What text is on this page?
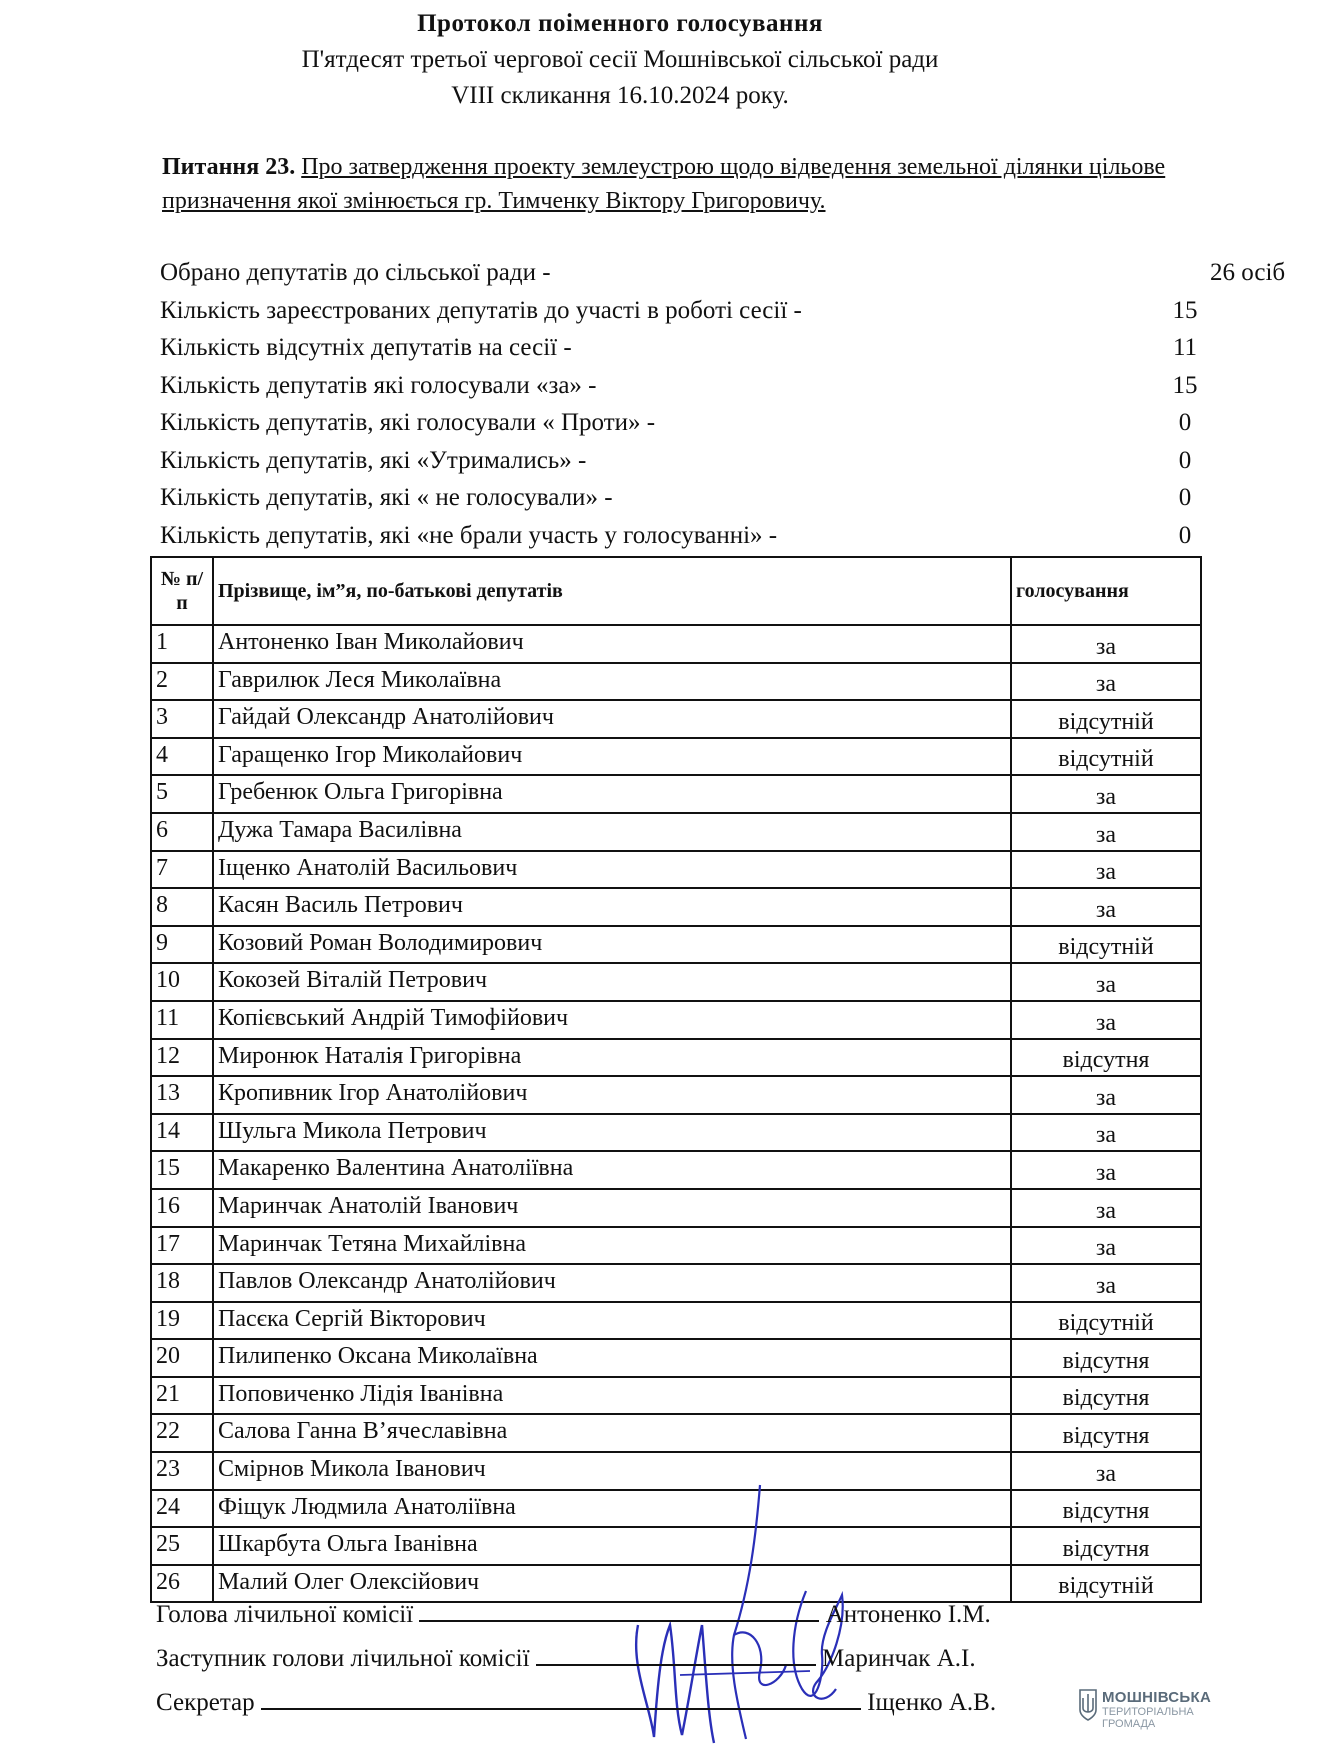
Протокол поіменного голосування
П'ятдесят третьої чергової сесії Мошнівської сільської ради
VIII скликання 16.10.2024 року.
Питання 23. Про затвердження проекту землеустрою щодо відведення земельної ділянки цільове призначення якої змінюється гр. Тимченку Віктору Григоровичу.
Обрано депутатів до сільської ради -	26 осіб
Кількість зареєстрованих депутатів до участі в роботі сесії -	15
Кількість відсутніх депутатів на сесії -	11
Кількість депутатів які голосували «за» -	15
Кількість депутатів, які голосували « Проти» -	0
Кількість депутатів, які «Утримались» -	0
Кількість депутатів, які « не голосували» -	0
Кількість депутатів, які «не брали участь у голосуванні» -	0
№ п/п	Прізвище, ім”я, по-батькові депутатів	голосування
1	Антоненко Іван Миколайович	за
2	Гаврилюк Леся Миколаївна	за
3	Гайдай Олександр Анатолійович	відсутній
4	Гаращенко Ігор Миколайович	відсутній
5	Гребенюк Ольга Григорівна	за
6	Дужа Тамара Василівна	за
7	Іщенко Анатолій Васильович	за
8	Касян Василь Петрович	за
9	Козовий Роман Володимирович	відсутній
10	Кокозей Віталій Петрович	за
11	Копієвський Андрій Тимофійович	за
12	Миронюк Наталія Григорівна	відсутня
13	Кропивник Ігор Анатолійович	за
14	Шульга Микола Петрович	за
15	Макаренко Валентина Анатоліївна	за
16	Маринчак Анатолій Іванович	за
17	Маринчак Тетяна Михайлівна	за
18	Павлов Олександр Анатолійович	за
19	Пасєка Сергій Вікторович	відсутній
20	Пилипенко Оксана Миколаївна	відсутня
21	Поповиченко Лідія Іванівна	відсутня
22	Салова Ганна В’ячеславівна	відсутня
23	Смірнов Микола Іванович	за
24	Фіщук Людмила Анатоліївна	відсутня
25	Шкарбута Ольга Іванівна	відсутня
26	Малий Олег Олексійович	відсутній
Голова лічильної комісії	Антоненко І.М.
Заступник голови лічильної комісії	Маринчак А.І.
Секретар	Іщенко А.В.	МОШНІВСЬКА
ТЕРИТОРІАЛЬНА
ГРОМАДА
